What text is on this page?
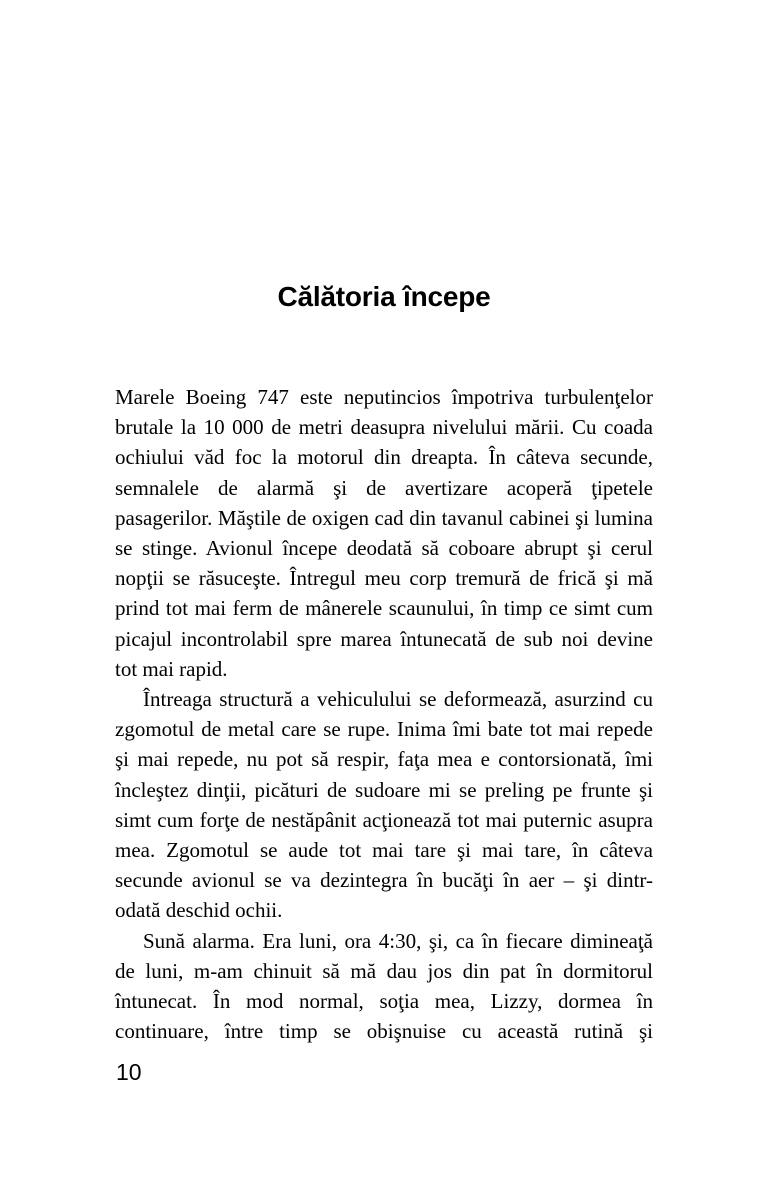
Călătoria începe

Marele Boeing 747 este neputincios împotriva turbulenţelor brutale la 10 000 de metri deasupra nivelului mării. Cu coada ochiului văd foc la motorul din dreapta. În câteva secunde, semnalele de alarmă şi de avertizare acoperă ţipetele pasagerilor. Măştile de oxigen cad din tavanul cabinei şi lumina se stinge. Avionul începe deodată să coboare abrupt şi cerul nopţii se răsuceşte. Întregul meu corp tremură de frică şi mă prind tot mai ferm de mânerele scaunului, în timp ce simt cum picajul incontrolabil spre marea întunecată de sub noi devine tot mai rapid.

Întreaga structură a vehiculului se deformează, asurzind cu zgomotul de metal care se rupe. Inima îmi bate tot mai repede şi mai repede, nu pot să respir, faţa mea e contorsionată, îmi încleştez dinţii, picături de sudoare mi se preling pe frunte şi simt cum forţe de nestăpânit acţionează tot mai puternic asupra mea. Zgomotul se aude tot mai tare şi mai tare, în câteva secunde avionul se va dezintegra în bucăţi în aer – şi dintr-odată deschid ochii.

Sună alarma. Era luni, ora 4:30, şi, ca în fiecare dimineaţă de luni, m-am chinuit să mă dau jos din pat în dormitorul întunecat. În mod normal, soţia mea, Lizzy, dormea în continuare, între timp se obişnuise cu această rutină şi

10
